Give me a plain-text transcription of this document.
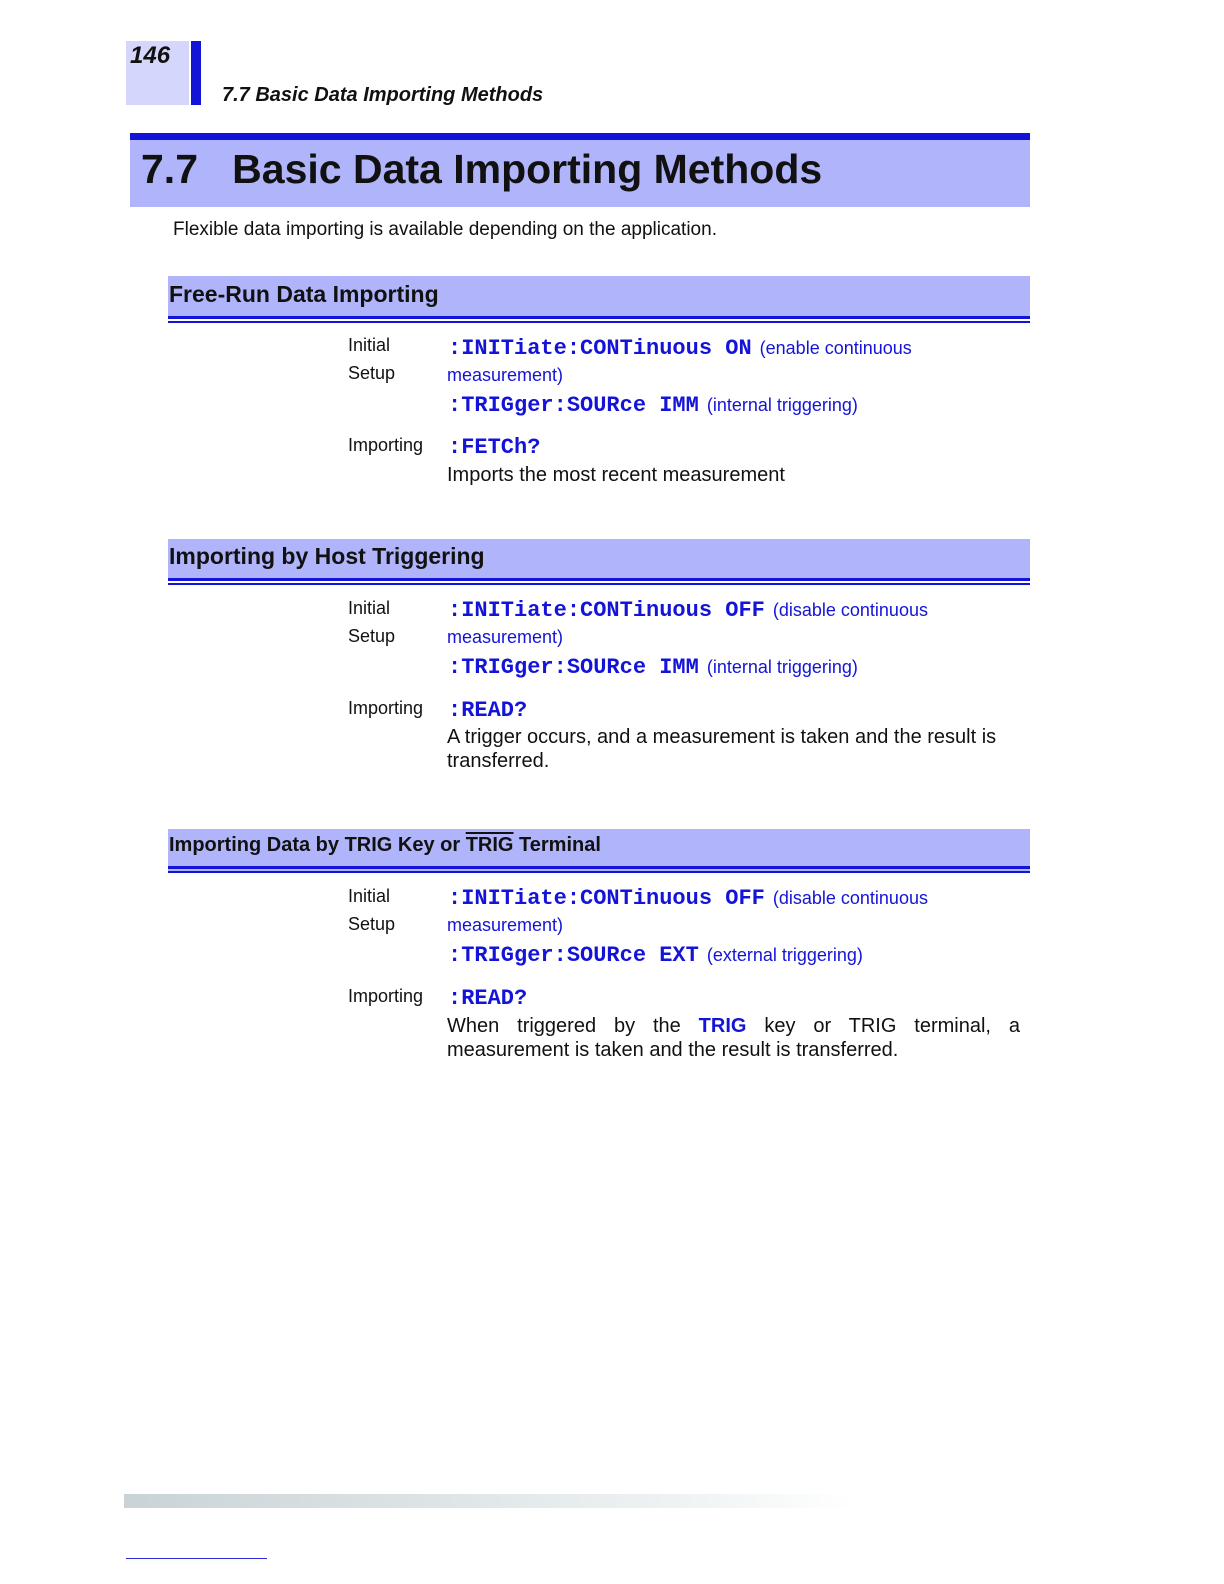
146
7.7 Basic Data Importing Methods
7.7   Basic Data Importing Methods
Flexible data importing is available depending on the application.
Free-Run Data Importing
Initial
Setup
:INITiate:CONTinuous ON (enable continuous
measurement)
:TRIGger:SOURce IMM (internal triggering)
Importing :FETCh?
Imports the most recent measurement
Importing by Host Triggering
Initial
Setup
:INITiate:CONTinuous OFF (disable continuous
measurement)
:TRIGger:SOURce IMM (internal triggering)
Importing :READ?
A trigger occurs, and a measurement is taken and the result is
transferred.
Importing Data by TRIG Key or TRIG Terminal
Initial
Setup
:INITiate:CONTinuous OFF (disable continuous
measurement)
:TRIGger:SOURce EXT (external triggering)
Importing :READ?
When triggered by the TRIG key or TRIG terminal, a
measurement is taken and the result is transferred.
